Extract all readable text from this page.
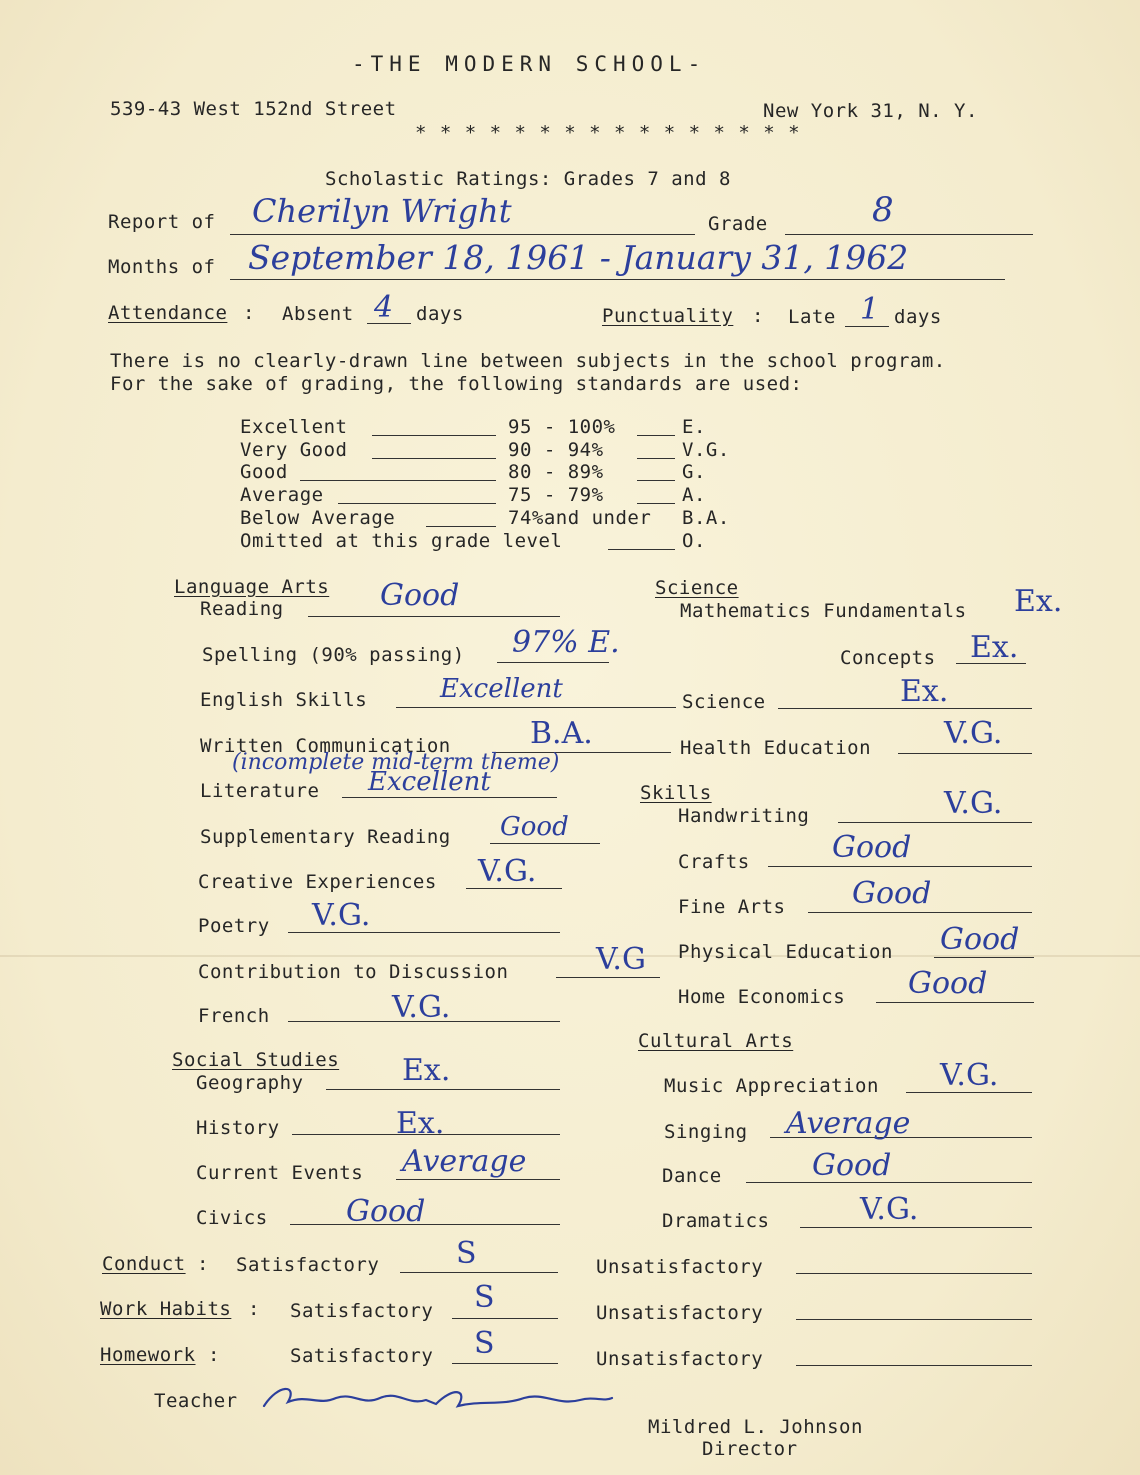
-THE MODERN SCHOOL-
539-43 West 152nd Street	New York 31, N. Y.
* * * * * * * * * * * * * * * *
Scholastic Ratings: Grades 7 and 8
Report of Cherilyn Wright	Grade	8
Months of September 18, 1961 - January 31, 1962
Attendance : Absent 4 days	Punctuality : Late 1 days
There is no clearly-drawn line between subjects in the school program.
For the sake of grading, the following standards are used:
Excellent	95 - 100%	E.
Very Good	90 - 94%	V.G.
Good	80 - 89%	G.
Average	75 - 79%	A.
Below Average	74%and under B.A.
Omitted at this grade level	O.
Language Arts
Reading	Good
Spelling (90% passing) 97% E.
English Skills	Excellent
Written Communication	B.A.
(incomplete mid-term theme)
Literature Excellent
Supplementary Reading Good
Creative Experiences V.G.
Poetry V.G.
Contribution to Discussion	V.G
French	V.G.
Science
Mathematics Fundamentals Ex.
Concepts Ex.
Science	Ex.
Health Education V.G.
Skills
Handwriting	V.G.
Crafts	Good
Fine Arts Good
Physical Education Good
Home Economics Good
Social Studies
Geography	Ex.
History	Ex.
Current Events Average
Civics	Good
Cultural Arts
Music Appreciation V.G.
Singing Average
Dance	Good
Dramatics	V.G.
Conduct : Satisfactory	S	Unsatisfactory
Work Habits : Satisfactory S	Unsatisfactory
Homework :	Satisfactory S	Unsatisfactory
Teacher
Mildred L. Johnson
Director
